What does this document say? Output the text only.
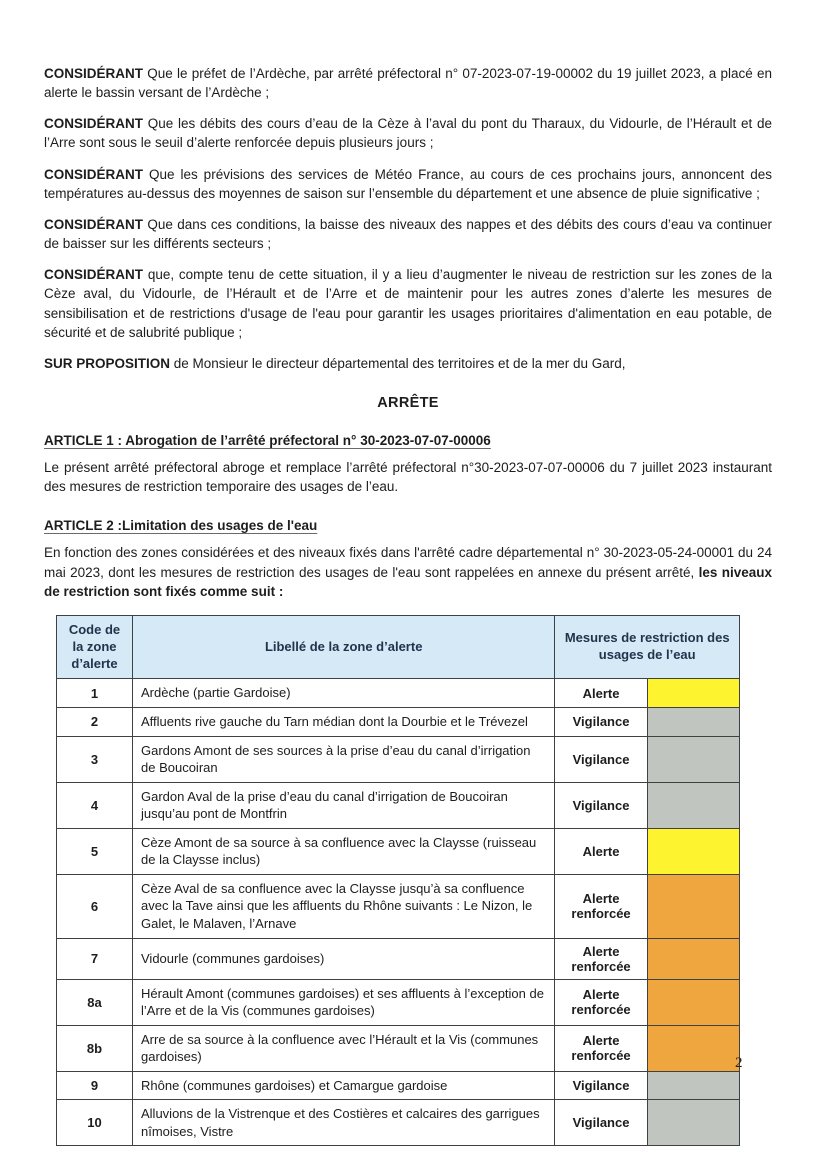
CONSIDÉRANT Que le préfet de l’Ardèche, par arrêté préfectoral n° 07-2023-07-19-00002 du 19 juillet 2023, a placé en alerte le bassin versant de l’Ardèche ;

CONSIDÉRANT Que les débits des cours d’eau de la Cèze à l’aval du pont du Tharaux, du Vidourle, de l’Hérault et de l’Arre sont sous le seuil d’alerte renforcée depuis plusieurs jours ;

CONSIDÉRANT Que les prévisions des services de Météo France, au cours de ces prochains jours, annoncent des températures au-dessus des moyennes de saison sur l’ensemble du département et une absence de pluie significative ;

CONSIDÉRANT Que dans ces conditions, la baisse des niveaux des nappes et des débits des cours d’eau va continuer de baisser sur les différents secteurs ;

CONSIDÉRANT que, compte tenu de cette situation, il y a lieu d’augmenter le niveau de restriction sur les zones de la Cèze aval, du Vidourle, de l’Hérault et de l’Arre et de maintenir pour les autres zones d’alerte les mesures de sensibilisation et de restrictions d'usage de l'eau pour garantir les usages prioritaires d'alimentation en eau potable, de sécurité et de salubrité publique ;

SUR PROPOSITION de Monsieur le directeur départemental des territoires et de la mer du Gard,

ARRÊTE
ARTICLE 1 : Abrogation de l’arrêté préfectoral n° 30-2023-07-07-00006

Le présent arrêté préfectoral abroge et remplace l’arrêté préfectoral n°30-2023-07-07-00006 du 7 juillet 2023 instaurant des mesures de restriction temporaire des usages de l’eau.

ARTICLE 2 :Limitation des usages de l'eau

En fonction des zones considérées et des niveaux fixés dans l'arrêté cadre départemental n° 30-2023-05-24-00001 du 24 mai 2023, dont les mesures de restriction des usages de l'eau sont rappelées en annexe du présent arrêté, les niveaux de restriction sont fixés comme suit :

Code de la zone d’alerte	Libellé de la zone d’alerte	Mesures de restriction des usages de l’eau	
1	Ardèche (partie Gardoise)	Alerte	
2	Affluents rive gauche du Tarn médian dont la Dourbie et le Trévezel	Vigilance	
3	Gardons Amont de ses sources à la prise d’eau du canal d’irrigation de Boucoiran	Vigilance	
4	Gardon Aval de la prise d’eau du canal d’irrigation de Boucoiran jusqu’au pont de Montfrin	Vigilance	
5	Cèze Amont de sa source à sa confluence avec la Claysse (ruisseau de la Claysse inclus)	Alerte	
6	Cèze Aval de sa confluence avec la Claysse jusqu’à sa confluence avec la Tave ainsi que les affluents du Rhône suivants : Le Nizon, le Galet, le Malaven, l’Arnave	Alerte renforcée	
7	Vidourle (communes gardoises)	Alerte renforcée	
8a	Hérault Amont (communes gardoises) et ses affluents à l’exception de l’Arre et de la Vis (communes gardoises)	Alerte renforcée	
8b	Arre de sa source à la confluence avec l’Hérault et la Vis (communes gardoises)	Alerte renforcée	
9	Rhône (communes gardoises) et Camargue gardoise	Vigilance	
10	Alluvions de la Vistrenque et des Costières et calcaires des garrigues nîmoises, Vistre	Vigilance	
2
